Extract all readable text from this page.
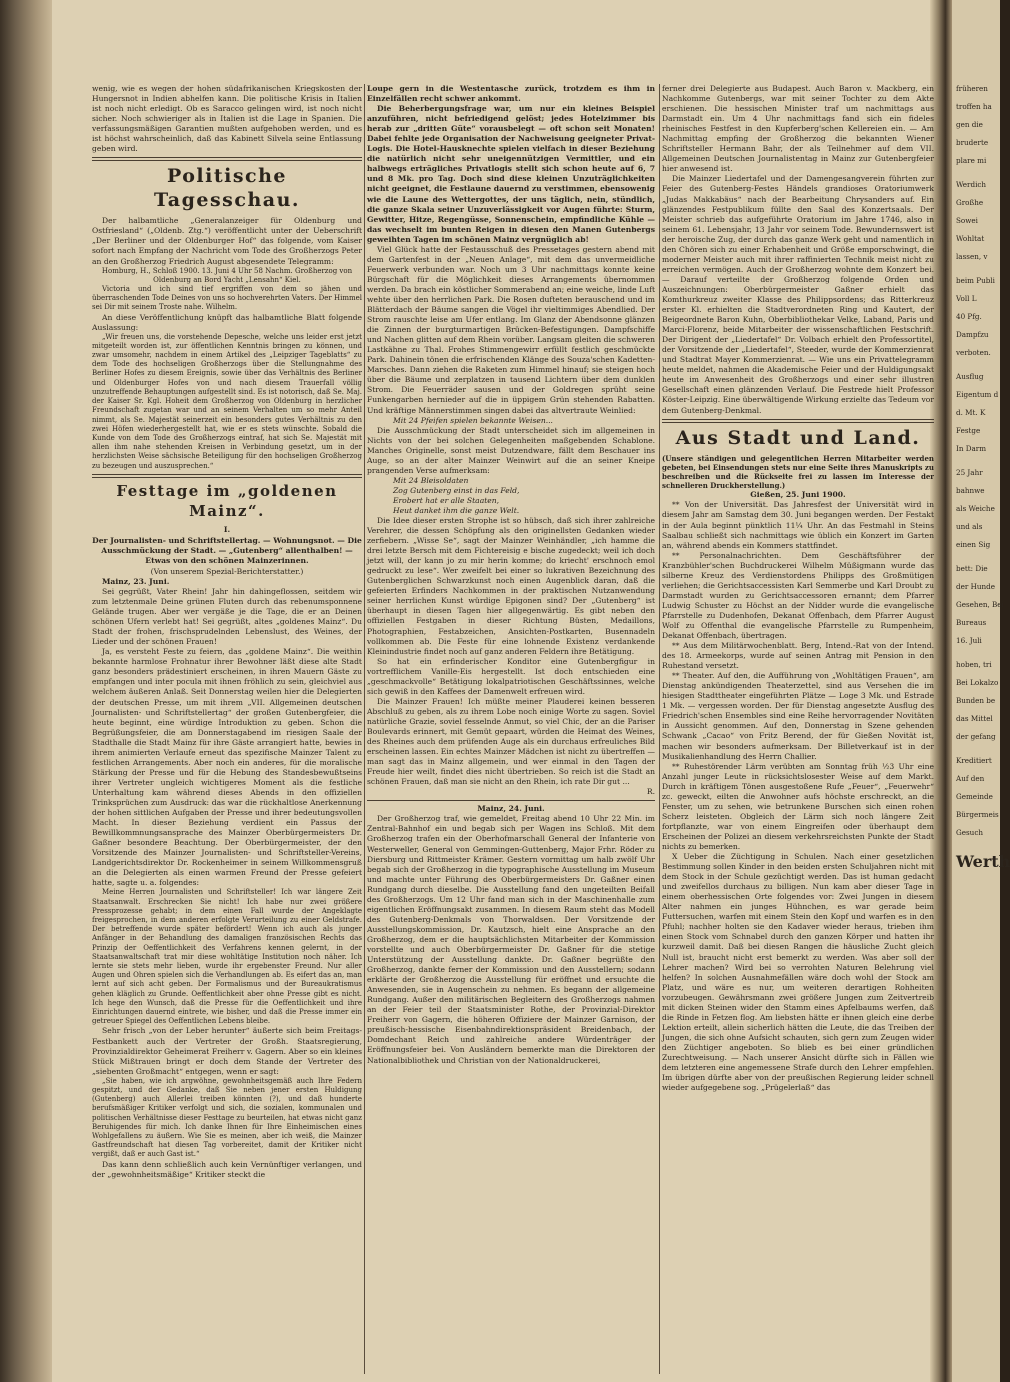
früheren
troffen ha
gen die
bruderte
plare mi
Werdich
Großhe
Sowei
Wohltat
lassen, v
beim Publi
Voll L
40 Pfg.
Dampfzu
verboten.
Ausflug
Eigentum d
d. Mt. K
Festge
In Darm
25 Jahr
bahnwe
als Weiche
und als
einen Sig
bett: Die
der Hunde
Gesehen, Bei
Bureaus
16. Juli
hoben, tri
Bei Lokalzo
Bunden be
das Mittel
der gefang
Kreditiert
Auf den
Gemeinde
Bürgermeis
Gesuch
Werth

wenig, wie es wegen der hohen südafrikanischen Kriegskosten der Hungersnot in Indien abhelfen kann. Die politische Krisis in Italien ist noch nicht erledigt. Ob es Saracco gelingen wird, ist noch nicht sicher. Noch schwieriger als in Italien ist die Lage in Spanien. Die verfassungsmäßigen Garantien mußten aufgehoben werden, und es ist höchst wahrscheinlich, daß das Kabinett Silvela seine Entlassung geben wird.

Politische Tagesschau.

Der halbamtliche „Generalanzeiger für Oldenburg und Ostfriesland“ („Oldenb. Ztg.“) veröffentlicht unter der Ueberschrift „Der Berliner und der Oldenburger Hof“ das folgende, vom Kaiser sofort nach Empfang der Nachricht vom Tode des Großherzogs Peter an den Großherzog Friedrich August abgesendete Telegramm:

Homburg, H., Schloß 1900. 13. Juni 4 Uhr 58 Nachm. Großherzog von Oldenburg an Bord Yacht „Lensahn“ Kiel.

Victoria und ich sind tief ergriffen von dem so jähen und überraschenden Tode Deines von uns so hochverehrten Vaters. Der Himmel sei Dir mit seinem Troste nahe. Wilhelm.

An diese Veröffentlichung knüpft das halbamtliche Blatt folgende Auslassung:

„Wir freuen uns, die vorstehende Depesche, welche uns leider erst jetzt mitgeteilt worden ist, zur öffentlichen Kenntnis bringen zu können, und zwar umsomehr, nachdem in einem Artikel des „Leipziger Tageblatts“ zu dem Tode des hochseligen Großherzogs über die Stellungnahme des Berliner Hofes zu diesem Ereignis, sowie über das Verhältnis des Berliner und Oldenburger Hofes von und nach diesem Trauerfall völlig unzutreffende Behauptungen aufgestellt sind. Es ist notorisch, daß Se. Maj. der Kaiser Sr. Kgl. Hoheit dem Großherzog von Oldenburg in herzlicher Freundschaft zugetan war und an seinem Verhalten um so mehr Anteil nimmt, als Se. Majestät seinerzeit ein besonders gutes Verhältnis zu den zwei Höfen wiederhergestellt hat, wie er es stets wünschte. Sobald die Kunde von dem Tode des Großherzogs eintraf, hat sich Se. Majestät mit allen ihm nahe stehenden Kreisen in Verbindung gesetzt, um in der herzlichsten Weise sächsische Beteiligung für den hochseligen Großherzog zu bezeugen und auszusprechen.“

Festtage im „goldenen Mainz“.
I.

Der Journalisten- und Schriftstellertag. — Wohnungsnot. — Die Ausschmückung der Stadt. — „Gutenberg“ allenthalben! — Etwas von den schönen Mainzerinnen.

(Von unserem Spezial-Berichterstatter.)

Mainz, 23. Juni.

Sei gegrüßt, Vater Rhein! Jahr hin dahingeflossen, seitdem wir zum letztenmale Deine grünen Fluten durch das rebenumsponnene Gelände trugen. Aber wer vergäße je die Tage, die er an Deinen schönen Ufern verlebt hat! Sei gegrüßt, altes „goldenes Mainz“. Du Stadt der frohen, frischsprudelnden Lebenslust, des Weines, der Lieder und der schönen Frauen!

Ja, es versteht Feste zu feiern, das „goldene Mainz“. Die weithin bekannte harmlose Frohnatur ihrer Bewohner läßt diese alte Stadt ganz besonders prädestiniert erscheinen, in ihren Mauern Gäste zu empfangen und inter pocula mit ihnen fröhlich zu sein, gleichviel aus welchem äußeren Anlaß. Seit Donnerstag weilen hier die Delegierten der deutschen Presse, um mit ihrem „VII. Allgemeinen deutschen Journalisten- und Schriftstellertag“ der großen Gutenbergfeier, die heute beginnt, eine würdige Introduktion zu geben. Schon die Begrüßungsfeier, die am Donnerstagabend im riesigen Saale der Stadthalle die Stadt Mainz für ihre Gäste arrangiert hatte, bewies in ihrem animierten Verlaufe erneut das spezifische Mainzer Talent zu festlichen Arrangements. Aber noch ein anderes, für die moralische Stärkung der Presse und für die Hebung des Standesbewußtseins ihrer Vertreter ungleich wichtigeres Moment als die festliche Unterhaltung kam während dieses Abends in den offiziellen Trinksprüchen zum Ausdruck: das war die rückhaltlose Anerkennung der hohen sittlichen Aufgaben der Presse und ihrer bedeutungsvollen Macht. In dieser Beziehung verdient ein Passus der Bewillkommnungsansprache des Mainzer Oberbürgermeisters Dr. Gaßner besondere Beachtung. Der Oberbürgermeister, der den Vorsitzende des Mainzer Journalisten- und Schriftsteller-Vereins, Landgerichtsdirektor Dr. Rockenheimer in seinem Willkommensgruß an die Delegierten als einen warmen Freund der Presse gefeiert hatte, sagte u. a. folgendes:

Meine Herren Journalisten und Schriftsteller! Ich war längere Zeit Staatsanwalt. Erschrecken Sie nicht! Ich habe nur zwei größere Pressprozesse gehabt; in dem einen Fall wurde der Angeklagte freigesprochen, in dem anderen erfolgte Verurteilung zu einer Geldstrafe. Der betreffende wurde später befördert! Wenn ich auch als junger Anfänger in der Behandlung des damaligen französischen Rechts das Prinzip der Oeffentlichkeit des Verfahrens kennen gelernt, in der Staatsanwaltschaft trat mir diese wohltätige Institution noch näher. Ich lernte sie stets mehr lieben, wurde ihr ergebenster Freund. Nur aller Augen und Ohren spielen sich die Verhandlungen ab. Es eifert das an, man lernt auf sich acht geben. Der Formalismus und der Bureaukratismus gehen kläglich zu Grunde. Oeffentlichkeit aber ohne Presse gibt es nicht. Ich hege den Wunsch, daß die Presse für die Oeffentlichkeit und ihre Einrichtungen dauernd eintrete, wie bisher, und daß die Presse immer ein getreuer Spiegel des Oeffentlichen Lebens bleibe.

Sehr frisch „von der Leber herunter“ äußerte sich beim Freitags-Festbankett auch der Vertreter der Großh. Staatsregierung, Provinzialdirektor Geheimerat Freiherr v. Gagern. Aber so ein kleines Stück Mißtrauen bringt er doch dem Stande der Vertreter des „siebenten Großmacht“ entgegen, wenn er sagt:

„Sie haben, wie ich argwöhne, gewohnheitsgemäß auch Ihre Federn gespitzt, und der Gedanke, daß Sie neben jener ersten Huldigung (Gutenberg) auch Allerlei treiben könnten (?), und daß hunderte berufsmäßiger Kritiker verfolgt und sich, die sozialen, kommunalen und politischen Verhältnisse dieser Festtage zu beurteilen, hat etwas nicht ganz Beruhigendes für mich. Ich danke Ihnen für Ihre Einheimischen eines Wohlgefallens zu äußern. Wie Sie es meinen, aber ich weiß, die Mainzer Gastfreundschaft hat diesen Tag vorbereitet, damit der Kritiker nicht vergißt, daß er auch Gast ist.“

Das kann denn schließlich auch kein Vernünftiger verlangen, und der „gewohnheitsmäßige“ Kritiker steckt die

Loupe gern in die Westentasche zurück, trotzdem es ihm in Einzelfällen recht schwer ankommt.

Die Beherbergungsfrage war, um nur ein kleines Beispiel anzuführen, nicht befriedigend gelöst; jedes Hotelzimmer bis herab zur „dritten Güte“ vorausbelegt — oft schon seit Monaten! Dabei fehlte jede Organisation der Nachweisung geeigneter Privat-Logis. Die Hotel-Hausknechte spielen vielfach in dieser Beziehung die natürlich nicht sehr uneigennützigen Vermittler, und ein halbwegs erträgliches Privatlogis stellt sich schon heute auf 6, 7 und 8 Mk. pro Tag. Doch sind diese kleinen Unzuträglichkeiten nicht geeignet, die Festlaune dauernd zu verstimmen, ebensowenig wie die Laune des Wettergottes, der uns täglich, nein, stündlich, die ganze Skala seiner Unzuverlässigkeit vor Augen führte: Sturm, Gewitter, Hitze, Regengüsse, Sonnenschein, empfindliche Kühle — das wechselt im bunten Reigen in diesen den Manen Gutenbergs geweihten Tagen im schönen Mainz vergnüglich ab!

Viel Glück hatte der Festausschuß des Pressetages gestern abend mit dem Gartenfest in der „Neuen Anlage“, mit dem das unvermeidliche Feuerwerk verbunden war. Noch um 3 Uhr nachmittags konnte keine Bürgschaft für die Möglichkeit dieses Arrangements übernommen werden. Da brach ein köstlicher Sommerabend an; eine weiche, linde Luft wehte über den herrlichen Park. Die Rosen dufteten berauschend und im Blätterdach der Bäume sangen die Vögel ihr vieltimmiges Abendlied. Der Strom rauschte leise am Ufer entlang. Im Glanz der Abendsonne glänzen die Zinnen der burgturmartigen Brücken-Befestigungen. Dampfschiffe und Nachen glitten auf dem Rhein vorüber. Langsam gleiten die schweren Lastkähne zu Thal. Frohes Stimmengewirr erfüllt festlich geschmückte Park. Dahinein tönen die erfrischenden Klänge des Souza'schen Kadetten-Marsches. Dann ziehen die Raketen zum Himmel hinauf; sie steigen hoch über die Bäume und zerplatzen in tausend Lichtern über dem dunklen Strom. Die Feuerräder sausen und der Goldregen sprüht seine Funkengarben hernieder auf die in üppigem Grün stehenden Rabatten. Und kräftige Männerstimmen singen dabei das altvertraute Weinlied:

Mit 24 Pfeifen spielen bekannte Weisen...

Die Ausschmückung der Stadt unterscheidet sich im allgemeinen in Nichts von der bei solchen Gelegenheiten maßgebenden Schablone. Manches Originelle, sonst meist Dutzendware, fällt dem Beschauer ins Auge, so an der alter Mainzer Weinwirt auf die an seiner Kneipe prangenden Verse aufmerksam:

Mit 24 Bleisoldaten
Zog Gutenberg einst in das Feld,
Erobert hat er alle Staaten,
Heut danket ihm die ganze Welt.

Die Idee dieser ersten Strophe ist so hübsch, daß sich ihrer zahlreiche Verehrer, die dessen Schöpfung als den originellsten Gedanken wieder zerfiebern. „Wisse Se“, sagt der Mainzer Weinhändler, „ich hamme die drei letzte Bersch mit dem Fichtereisig e bische zugedeckt; weil ich doch jetzt will, der kann jo zu mir herin komme; do kriecht' erschnoch emol gedruckt zu lese“. Wer zweifelt bei einer so lukrativen Bezeichnung des Gutenberglichen Schwarzkunst noch einen Augenblick daran, daß die gefeierten Erfinders Nachkommen in der praktischen Nutzanwendung seiner herrlichen Kunst würdige Epigonen sind? Der „Gutenberg“ ist überhaupt in diesen Tagen hier allgegenwärtig. Es gibt neben den offiziellen Festgaben in dieser Richtung Büsten, Medaillons, Photographien, Festabzeichen, Ansichten-Postkarten, Busennadeln vollkommen ab. Die Feste für eine lohnende Existenz verdankende Kleinindustrie findet noch auf ganz anderen Feldern ihre Betätigung.

So hat ein erfinderischer Konditor eine Gutenbergfigur in vortrefflichem Vanille-Eis hergestellt. Ist doch entschieden eine „geschmackvolle“ Betätigung lokalpatriotischen Geschäftssinnes, welche sich gewiß in den Kaffees der Damenwelt erfreuen wird.

Die Mainzer Frauen! Ich müßte meiner Plauderei keinen besseren Abschluß zu geben, als zu ihrem Lobe noch einige Worte zu sagen. Soviel natürliche Grazie, soviel fesselnde Anmut, so viel Chic, der an die Pariser Boulevards erinnert, mit Gemüt gepaart, würden die Heimat des Weines, des Rheines auch dem prüfenden Auge als ein durchaus erfreuliches Bild erscheinen lassen. Ein echtes Mainzer Mädchen ist nicht zu übertreffen — man sagt das in Mainz allgemein, und wer einmal in den Tagen der Freude hier weilt, findet dies nicht übertrieben. So reich ist die Stadt an schönen Frauen, daß man sie nicht an den Rhein, ich rate Dir gut ...

R.

Mainz, 24. Juni.

Der Großherzog traf, wie gemeldet, Freitag abend 10 Uhr 22 Min. im Zentral-Bahnhof ein und begab sich per Wagen ins Schloß. Mit dem Großherzog trafen ein der Oberhofmarschall General der Infanterie von Westerweller, General von Gemmingen-Guttenberg, Major Frhr. Röder zu Diersburg und Rittmeister Krämer. Gestern vormittag um halb zwölf Uhr begab sich der Großherzog in die typographische Ausstellung im Museum und machte unter Führung des Oberbürgermeisters Dr. Gaßner einen Rundgang durch dieselbe. Die Ausstellung fand den ungeteilten Beifall des Großherzogs. Um 12 Uhr fand man sich in der Maschinenhalle zum eigentlichen Eröffnungsakt zusammen. In diesem Raum steht das Modell des Gutenberg-Denkmals von Thorwaldsen. Der Vorsitzende der Ausstellungskommission, Dr. Kautzsch, hielt eine Ansprache an den Großherzog, dem er die hauptsächlichsten Mitarbeiter der Kommission vorstellte und auch Oberbürgermeister Dr. Gaßner für die stetige Unterstützung der Ausstellung dankte. Dr. Gaßner begrüßte den Großherzog, dankte ferner der Kommission und den Ausstellern; sodann erklärte der Großherzog die Ausstellung für eröffnet und ersuchte die Anwesenden, sie in Augenschein zu nehmen. Es begann der allgemeine Rundgang. Außer den militärischen Begleitern des Großherzogs nahmen an der Feier teil der Staatsminister Rothe, der Provinzial-Direktor Freiherr von Gagern, die höheren Offiziere der Mainzer Garnison, der preußisch-hessische Eisenbahndirektionspräsident Breidenbach, der Domdechant Reich und zahlreiche andere Würdenträger der Eröffnungsfeier bei. Von Ausländern bemerkte man die Direktoren der Nationalbibliothek und Christian von der Nationaldruckerei,

ferner drei Delegierte aus Budapest. Auch Baron v. Mackberg, ein Nachkomme Gutenbergs, war mit seiner Tochter zu dem Akte erschienen. Die hessischen Minister traf um nachmittags aus Darmstadt ein. Um 4 Uhr nachmittags fand sich ein fideles rheinisches Festfest in den Kupferberg'schen Kellereien ein. — Am Nachmittag empfing der Großherzog die bekannten Wiener Schriftsteller Hermann Bahr, der als Teilnehmer auf dem VII. Allgemeinen Deutschen Journalistentag in Mainz zur Gutenbergfeier hier anwesend ist.

Die Mainzer Liedertafel und der Damengesangverein führten zur Feier des Gutenberg-Festes Händels grandioses Oratoriumwerk „Judas Makkabäus“ nach der Bearbeitung Chrysanders auf. Ein glänzendes Festpublikum füllte den Saal des Konzertsaals. Der Meister schrieb das aufgeführte Oratorium im Jahre 1746, also in seinem 61. Lebensjahr, 13 Jahr vor seinem Tode. Bewundernswert ist der heroische Zug, der durch das ganze Werk geht und namentlich in den Chören sich zu einer Erhabenheit und Größe emporschwingt, die moderner Meister auch mit ihrer raffinierten Technik meist nicht zu erreichen vermögen. Auch der Großherzog wohnte dem Konzert bei. — Darauf verteilte der Großherzog folgende Orden und Auszeichnungen: Oberbürgermeister Gaßner erhielt das Komthurkreuz zweiter Klasse des Philippsordens; das Ritterkreuz erster Kl. erhielten die Stadtverordneten Ring und Kautert, der Beigeordnete Baron Kuhn, Oberbibliothekar Velke, Laband, Paris und Marci-Florenz, beide Mitarbeiter der wissenschaftlichen Festschrift. Der Dirigent der „Liedertafel“ Dr. Volbach erhielt den Professortitel, der Vorsitzende der „Liedertafel“, Steeder, wurde der Kommerzienrat und Stadtrat Mayer Kommerzienrat. — Wie uns ein Privattelegramm heute meldet, nahmen die Akademische Feier und der Huldigungsakt heute im Anwesenheit des Großherzogs und einer sehr illustren Gesellschaft einen glänzenden Verlauf. Die Festrede hielt Professor Köster-Leipzig. Eine überwältigende Wirkung erzielte das Tedeum vor dem Gutenberg-Denkmal.

Aus Stadt und Land.

(Unsere ständigen und gelegentlichen Herren Mitarbeiter werden gebeten, bei Einsendungen stets nur eine Seite ihres Manuskripts zu beschreiben und die Rückseite frei zu lassen im Interesse der schnelleren Druckherstellung.)

Gießen, 25. Juni 1900.

** Von der Universität. Das Jahresfest der Universität wird in diesem Jahr am Samstag dem 30. Juni begangen werden. Der Festakt in der Aula beginnt pünktlich 11¼ Uhr. An das Festmahl in Steins Saalbau schließt sich nachmittags wie üblich ein Konzert im Garten an, während abends ein Kommers stattfindet.

** Personalnachrichten. Dem Geschäftsführer der Kranzbühler'schen Buchdruckerei Wilhelm Müßigmann wurde das silberne Kreuz des Verdienstordens Philipps des Großmütigen verliehen; die Gerichtsaccessisten Karl Semmerbe und Karl Droubt zu Darmstadt wurden zu Gerichtsaccessoren ernannt; dem Pfarrer Ludwig Schuster zu Höchst an der Nidder wurde die evangelische Pfarrstelle zu Dudenhofen, Dekanat Offenbach, dem Pfarrer August Wolf zu Offenthal die evangelische Pfarrstelle zu Rumpenheim, Dekanat Offenbach, übertragen.

** Aus dem Militärwochenblatt. Berg, Intend.-Rat von der Intend. des 18. Armeekorps, wurde auf seinen Antrag mit Pension in den Ruhestand versetzt.

** Theater. Auf den, die Aufführung von „Wohltätigen Frauen“, am Dienstag ankündigenden Theaterzettel, sind aus Versehen die im hiesigen Stadttheater eingeführten Plätze — Loge 3 Mk. und Estrade 1 Mk. — vergessen worden. Der für Dienstag angesetzte Ausflug des Friedrich'schen Ensembles sind eine Reihe hervorragender Novitäten in Aussicht genommen. Auf den, Donnerstag in Szene gehenden Schwank „Cacao“ von Fritz Berend, der für Gießen Novität ist, machen wir besonders aufmerksam. Der Billetverkauf ist in der Musikalienhandlung des Herrn Challier.

** Ruhestörender Lärm verübten am Sonntag früh ½3 Uhr eine Anzahl junger Leute in rücksichtslosester Weise auf dem Markt. Durch in kräftigem Tönen ausgestoßene Rufe „Feuer“, „Feuerwehr“ zc. geweckt, eilten die Anwohner aufs höchste erschreckt, an die Fenster, um zu sehen, wie betrunkene Burschen sich einen rohen Scherz leisteten. Obgleich der Lärm sich noch längere Zeit fortpflanzte, war von einem Eingreifen oder überhaupt dem Erscheinen der Polizei an diesem verkehrsreichsten Punkte der Stadt nichts zu bemerken.

X Ueber die Züchtigung in Schulen. Nach einer gesetzlichen Bestimmung sollen Kinder in den beiden ersten Schuljahren nicht mit dem Stock in der Schule gezüchtigt werden. Das ist human gedacht und zweifellos durchaus zu billigen. Nun kam aber dieser Tage in einem oberhessischen Orte folgendes vor: Zwei Jungen in diesem Alter nahmen ein junges Hühnchen, es war gerade beim Futtersuchen, warfen mit einem Stein den Kopf und warfen es in den Pfuhl; nachher holten sie den Kadaver wieder heraus, trieben ihm einen Stock vom Schnabel durch den ganzen Körper und hatten ihr kurzweil damit. Daß bei diesen Rangen die häusliche Zucht gleich Null ist, braucht nicht erst bemerkt zu werden. Was aber soll der Lehrer machen? Wird bei so verrohten Naturen Belehrung viel helfen? In solchen Ausnahmefällen wäre doch wohl der Stock am Platz, und wäre es nur, um weiteren derartigen Rohheiten vorzubeugen. Gewährsmann zwei größere Jungen zum Zeitvertreib mit dicken Steinen wider den Stamm eines Apfelbaums werfen, daß die Rinde in Fetzen flog. Am liebsten hätte er ihnen gleich eine derbe Lektion erteilt, allein sicherlich hätten die Leute, die das Treiben der Jungen, die sich ohne Aufsicht schauten, sich gern zum Zeugen wider den Züchtiger angeboten. So blieb es bei einer gründlichen Zurechtweisung. — Nach unserer Ansicht dürfte sich in Fällen wie dem letzteren eine angemessene Strafe durch den Lehrer empfehlen. Im übrigen dürfte aber von der preußischen Regierung leider schnell wieder aufgegebene sog. „Prügelerlaß“ das
